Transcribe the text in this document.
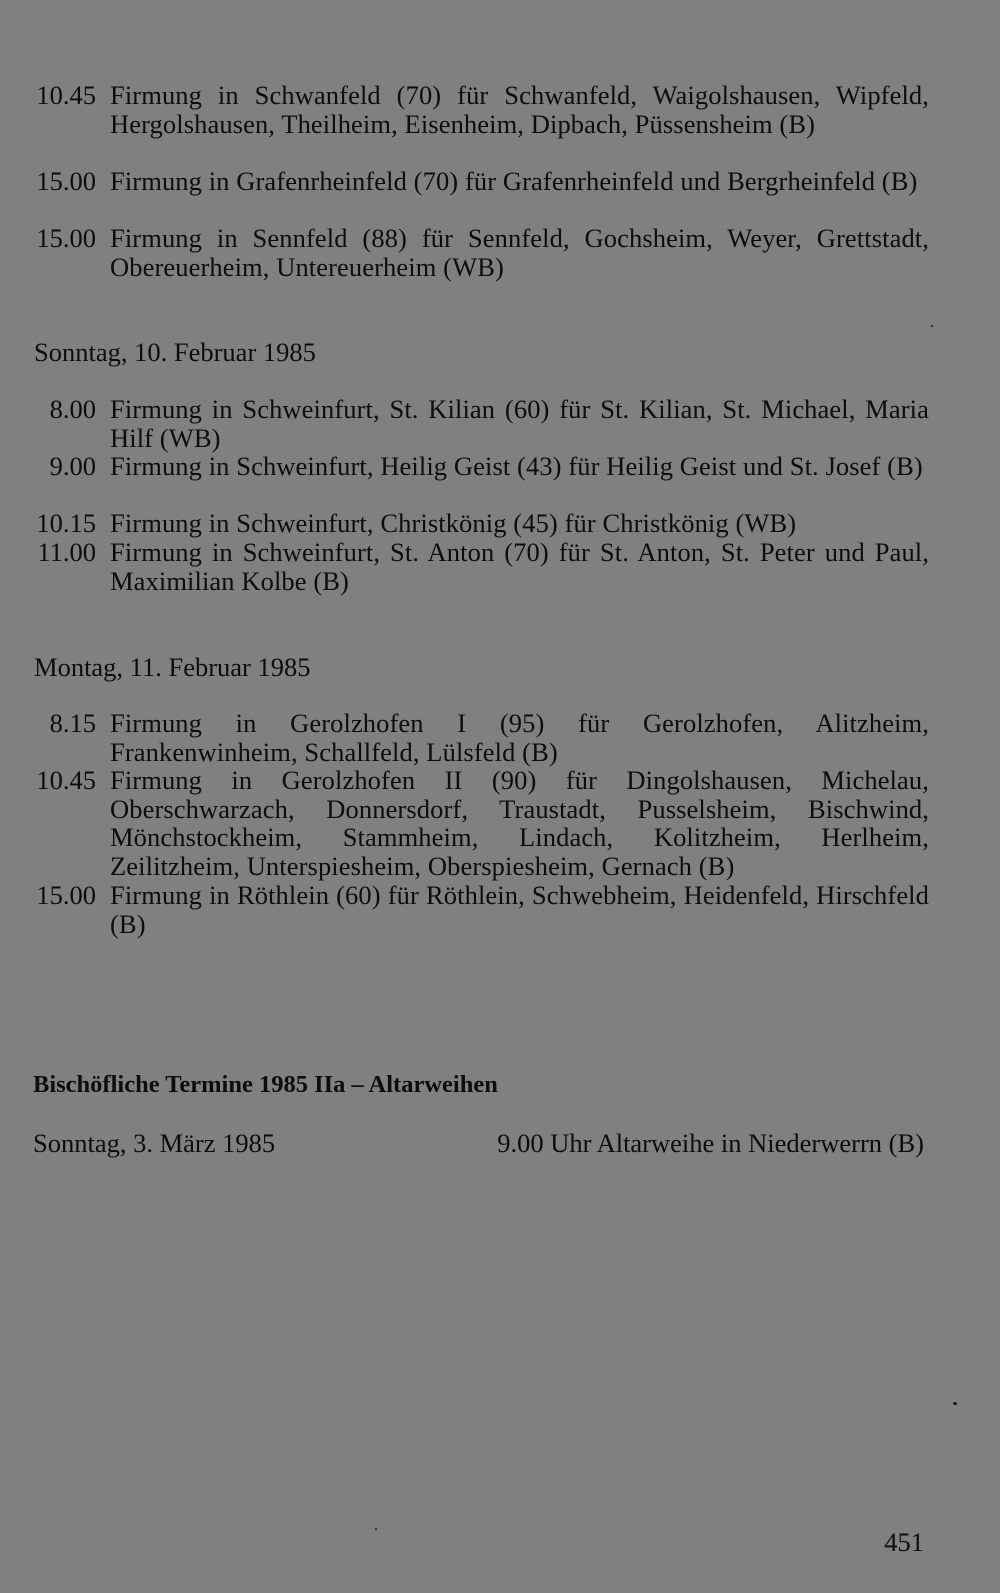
10.45 Firmung in Schwanfeld (70) für Schwanfeld, Waigolshausen, Wipfeld, Hergolshausen, Theilheim, Eisenheim, Dipbach, Püssensheim (B)
15.00 Firmung in Grafenrheinfeld (70) für Grafenrheinfeld und Bergrheinfeld (B)
15.00 Firmung in Sennfeld (88) für Sennfeld, Gochsheim, Weyer, Grettstadt, Obereuerheim, Untereuerheim (WB)
Sonntag, 10. Februar 1985
8.00 Firmung in Schweinfurt, St. Kilian (60) für St. Kilian, St. Michael, Maria Hilf (WB)
9.00 Firmung in Schweinfurt, Heilig Geist (43) für Heilig Geist und St. Josef (B)
10.15 Firmung in Schweinfurt, Christkönig (45) für Christkönig (WB)
11.00 Firmung in Schweinfurt, St. Anton (70) für St. Anton, St. Peter und Paul, Maximilian Kolbe (B)
Montag, 11. Februar 1985
8.15 Firmung in Gerolzhofen I (95) für Gerolzhofen, Alitzheim, Frankenwinheim, Schallfeld, Lülsfeld (B)
10.45 Firmung in Gerolzhofen II (90) für Dingolshausen, Michelau, Oberschwarzach, Donnersdorf, Traustadt, Pusselsheim, Bischwind, Mönchstockheim, Stammheim, Lindach, Kolitzheim, Herlheim, Zeilitzheim, Unterspiesheim, Oberspiesheim, Gernach (B)
15.00 Firmung in Röthlein (60) für Röthlein, Schwebheim, Heidenfeld, Hirschfeld (B)
Bischöfliche Termine 1985 IIa – Altarweihen
Sonntag, 3. März 1985	9.00 Uhr Altarweihe in Niederwerrn (B)
451
